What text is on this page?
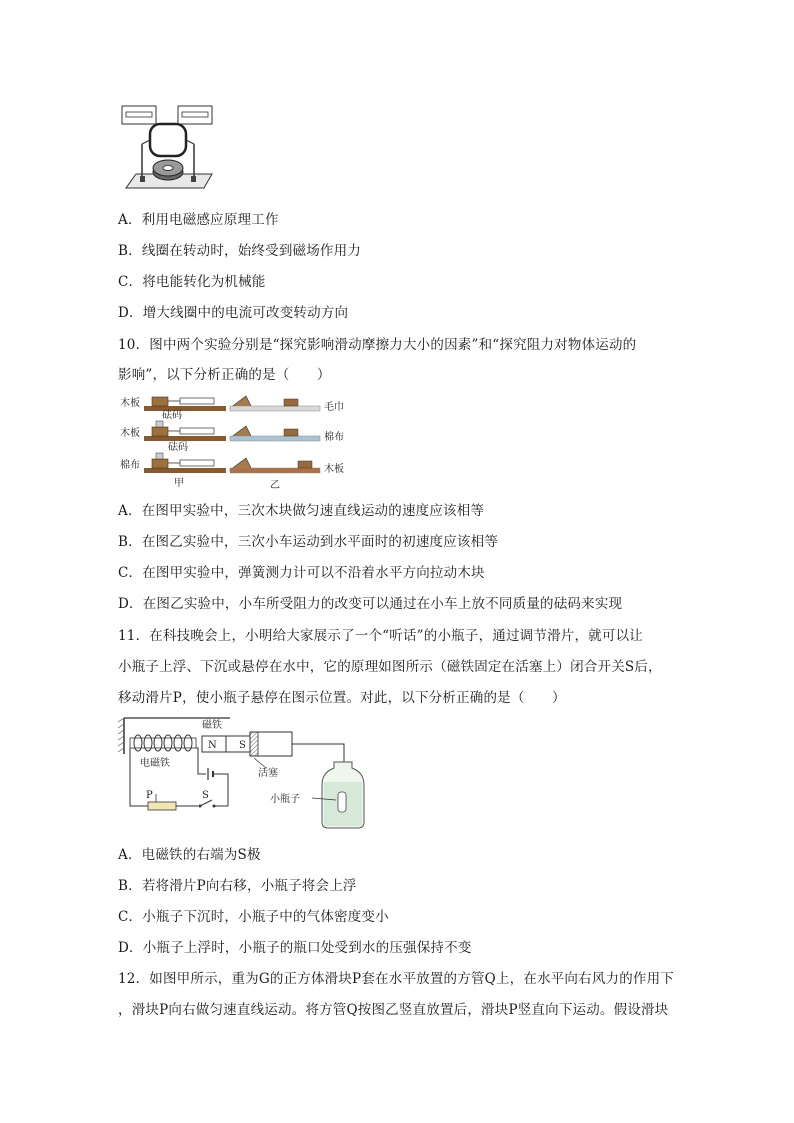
A．利用电磁感应原理工作
B．线圈在转动时，始终受到磁场作用力
C．将电能转化为机械能
D．增大线圈中的电流可改变转动方向
10．图中两个实验分别是“探究影响滑动摩擦力大小的因素”和“探究阻力对物体运动的
影响”，以下分析正确的是（　　）
木板
砝码
木板
砝码
棉布
甲
毛巾
棉布
木板
乙
A．在图甲实验中，三次木块做匀速直线运动的速度应该相等
B．在图乙实验中，三次小车运动到水平面时的初速度应该相等
C．在图甲实验中，弹簧测力计可以不沿着水平方向拉动木块
D．在图乙实验中，小车所受阻力的改变可以通过在小车上放不同质量的砝码来实现
11．在科技晚会上，小明给大家展示了一个“听话”的小瓶子，通过调节滑片，就可以让
小瓶子上浮、下沉或悬停在水中，它的原理如图所示（磁铁固定在活塞上）闭合开关S后，
移动滑片P，使小瓶子悬停在图示位置。对此，以下分析正确的是（　　）
电磁铁
磁铁
N S
活塞
小瓶子
P	S
A．电磁铁的右端为S极
B．若将滑片P向右移，小瓶子将会上浮
C．小瓶子下沉时，小瓶子中的气体密度变小
D．小瓶子上浮时，小瓶子的瓶口处受到水的压强保持不变
12．如图甲所示，重为G的正方体滑块P套在水平放置的方管Q上，在水平向右风力的作用下
，滑块P向右做匀速直线运动。将方管Q按图乙竖直放置后，滑块P竖直向下运动。假设滑块
